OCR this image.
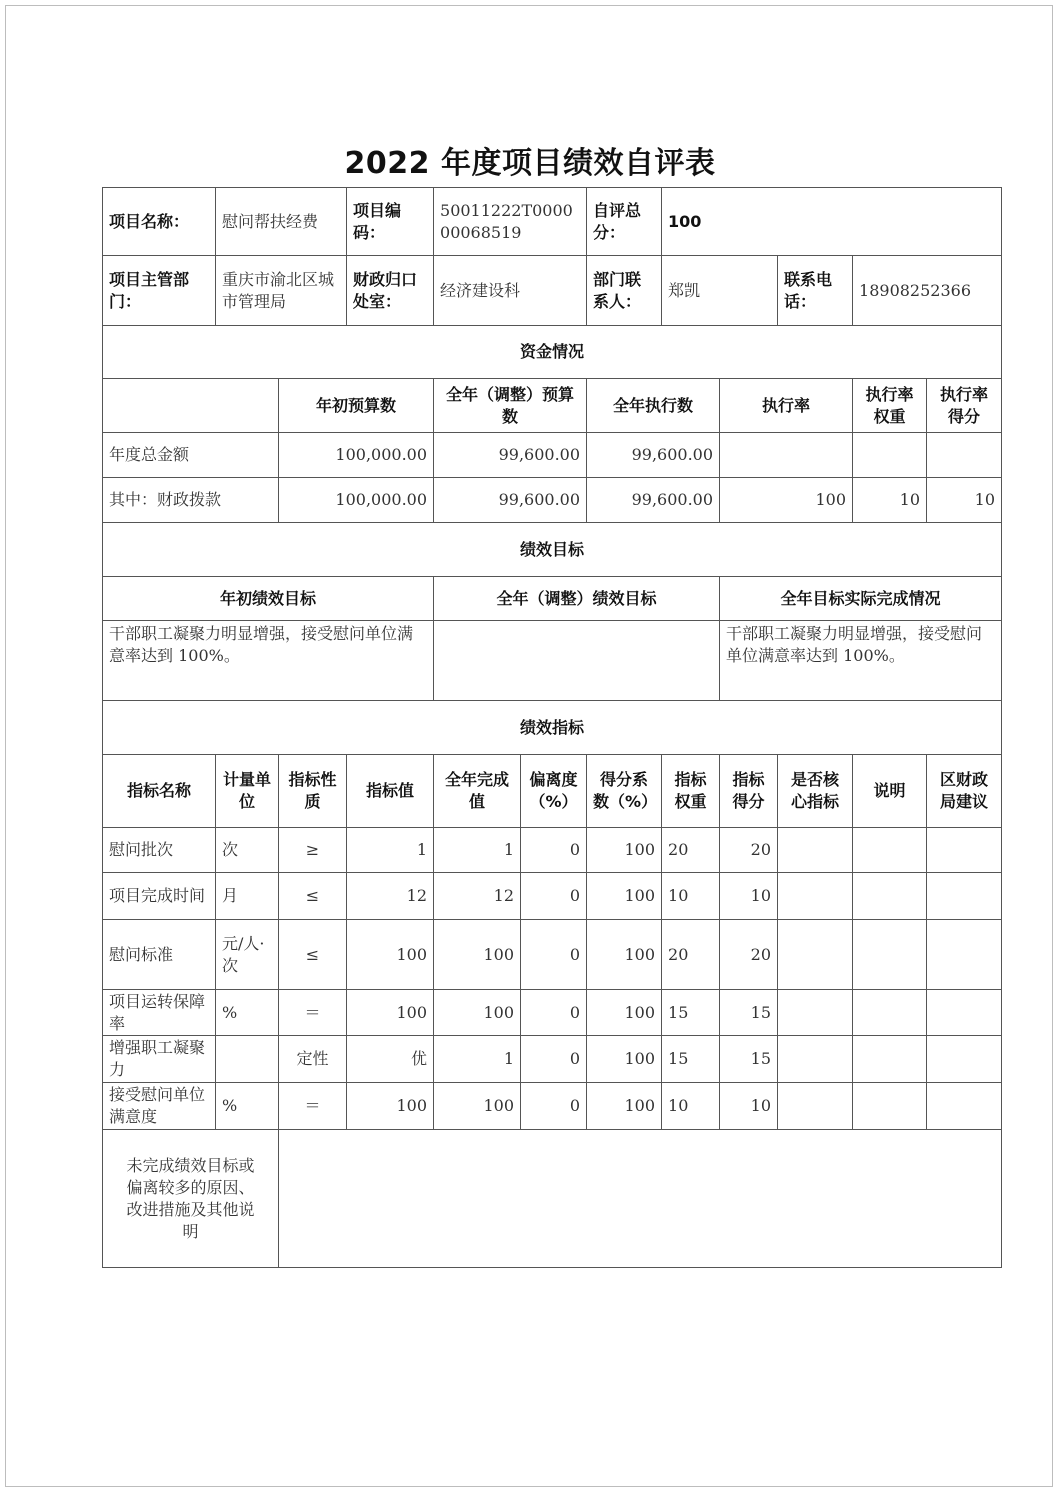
2022 年度项目绩效自评表
项目名称：	慰问帮扶经费		项目编码：	50011222T000000068519		自评总分：	100				
项目主管部门：	重庆市渝北区城市管理局		财政归口处室：	经济建设科		部门联系人：	郑凯		联系电话：	18908252366	
资金情况											
		年初预算数		全年（调整）预算数		全年执行数		执行率		执行率权重	执行率得分
年度总金额		100,000.00		99,600.00		99,600.00					
其中：财政拨款		100,000.00		99,600.00		99,600.00		100		10	10
绩效目标											
年初绩效目标				全年（调整）绩效目标				全年目标实际完成情况			
干部职工凝聚力明显增强，接受慰问单位满意率达到 100%。								干部职工凝聚力明显增强，接受慰问单位满意率达到 100%。			
绩效指标											
指标名称	计量单位	指标性质	指标值	全年完成值	偏离度（%）	得分系数（%）	指标权重	指标得分	是否核心指标	说明	区财政局建议
慰问批次	次	≥	1	1	0	100	20	20			
项目完成时间	月	≤	12	12	0	100	10	10			
慰问标准	元/人·次	≤	100	100	0	100	20	20			
项目运转保障率	%	＝	100	100	0	100	15	15			
增强职工凝聚力		定性	优	1	0	100	15	15			
接受慰问单位满意度	%	＝	100	100	0	100	10	10			
未完成绩效目标或偏离较多的原因、改进措施及其他说明											
